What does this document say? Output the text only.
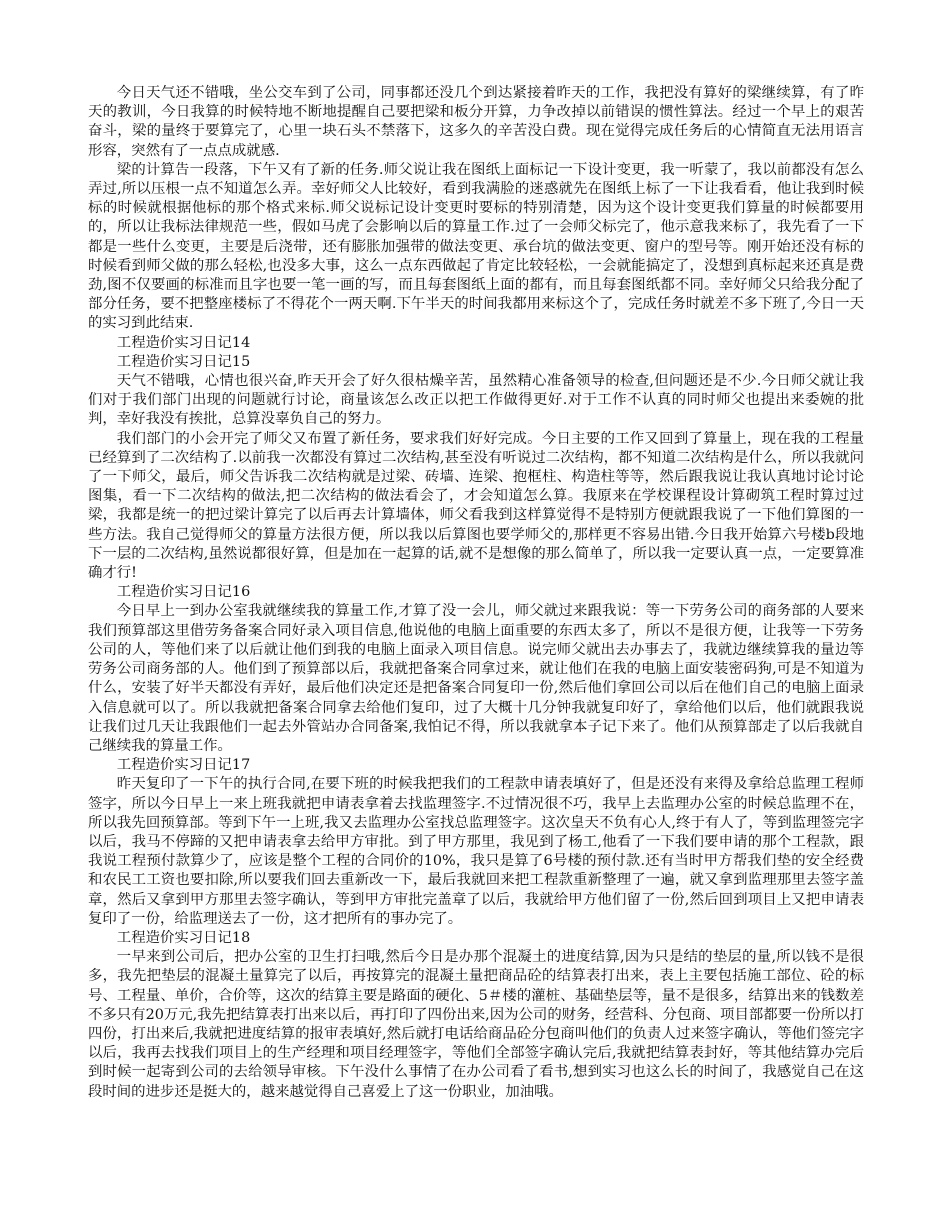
今日天气还不错哦，坐公交车到了公司，同事都还没几个到达紧接着昨天的工作，我把没有算好的梁继续算，有了昨天的教训，今日我算的时候特地不断地提醒自己要把梁和板分开算，力争改掉以前错误的惯性算法。经过一个早上的艰苦奋斗，梁的量终于要算完了，心里一块石头不禁落下，这多久的辛苦没白费。现在觉得完成任务后的心情简直无法用语言形容，突然有了一点点成就感.

梁的计算告一段落，下午又有了新的任务.师父说让我在图纸上面标记一下设计变更，我一听蒙了，我以前都没有怎么弄过,所以压根一点不知道怎么弄。幸好师父人比较好，看到我满脸的迷惑就先在图纸上标了一下让我看看，他让我到时候标的时候就根据他标的那个格式来标.师父说标记设计变更时要标的特别清楚，因为这个设计变更我们算量的时候都要用的，所以让我标法律规范一些，假如马虎了会影响以后的算量工作.过了一会师父标完了，他示意我来标了，我先看了一下都是一些什么变更，主要是后浇带，还有膨胀加强带的做法变更、承台坑的做法变更、窗户的型号等。刚开始还没有标的时候看到师父做的那么轻松,也没多大事，这么一点东西做起了肯定比较轻松，一会就能搞定了，没想到真标起来还真是费劲,图不仅要画的标准而且字也要一笔一画的写，而且每套图纸上面的都有，而且每套图纸都不同。幸好师父只给我分配了部分任务，要不把整座楼标了不得花个一两天啊.下午半天的时间我都用来标这个了，完成任务时就差不多下班了,今日一天的实习到此结束.

工程造价实习日记14
工程造价实习日记15

天气不错哦，心情也很兴奋,昨天开会了好久很枯燥辛苦，虽然精心准备领导的检查,但问题还是不少.今日师父就让我们对于我们部门出现的问题就行讨论，商量该怎么改正以把工作做得更好.对于工作不认真的同时师父也提出来委婉的批判，幸好我没有挨批，总算没辜负自己的努力。

我们部门的小会开完了师父又布置了新任务，要求我们好好完成。今日主要的工作又回到了算量上，现在我的工程量已经算到了二次结构了.以前我一次都没有算过二次结构,甚至没有听说过二次结构，都不知道二次结构是什么，所以我就问了一下师父，最后，师父告诉我二次结构就是过梁、砖墙、连梁、抱框柱、构造柱等等，然后跟我说让我认真地讨论讨论图集，看一下二次结构的做法,把二次结构的做法看会了，才会知道怎么算。我原来在学校课程设计算砌筑工程时算过过梁，我都是统一的把过梁计算完了以后再去计算墙体，师父看我到这样算觉得不是特别方便就跟我说了一下他们算图的一些方法。我自己觉得师父的算量方法很方便，所以我以后算图也要学师父的,那样更不容易出错.今日我开始算六号楼b段地下一层的二次结构,虽然说都很好算，但是加在一起算的话,就不是想像的那么简单了，所以我一定要认真一点，一定要算准确才行!

工程造价实习日记16

今日早上一到办公室我就继续我的算量工作,才算了没一会儿，师父就过来跟我说：等一下劳务公司的商务部的人要来我们预算部这里借劳务备案合同好录入项目信息,他说他的电脑上面重要的东西太多了，所以不是很方便，让我等一下劳务公司的人，等他们来了以后就让他们到我的电脑上面录入项目信息。说完师父就出去办事去了，我就边继续算我的量边等劳务公司商务部的人。他们到了预算部以后，我就把备案合同拿过来，就让他们在我的电脑上面安装密码狗,可是不知道为什么，安装了好半天都没有弄好，最后他们决定还是把备案合同复印一份,然后他们拿回公司以后在他们自己的电脑上面录入信息就可以了。所以我就把备案合同拿去给他们复印，过了大概十几分钟我就复印好了，拿给他们以后，他们就跟我说让我们过几天让我跟他们一起去外管站办合同备案,我怕记不得，所以我就拿本子记下来了。他们从预算部走了以后我就自己继续我的算量工作。

工程造价实习日记17

昨天复印了一下午的执行合同,在要下班的时候我把我们的工程款申请表填好了，但是还没有来得及拿给总监理工程师签字，所以今日早上一来上班我就把申请表拿着去找监理签字.不过情况很不巧，我早上去监理办公室的时候总监理不在，所以我先回预算部。等到下午一上班,我又去监理办公室找总监理签字。这次皇天不负有心人,终于有人了，等到监理签完字以后，我马不停蹄的又把申请表拿去给甲方审批。到了甲方那里，我见到了杨工,他看了一下我们要申请的那个工程款，跟我说工程预付款算少了，应该是整个工程的合同价的10%，我只是算了6号楼的预付款.还有当时甲方帮我们垫的安全经费和农民工工资也要扣除,所以要我们回去重新改一下，最后我就回来把工程款重新整理了一遍，就又拿到监理那里去签字盖章，然后又拿到甲方那里去签字确认，等到甲方审批完盖章了以后，我就给甲方他们留了一份,然后回到项目上又把申请表复印了一份，给监理送去了一份，这才把所有的事办完了。

工程造价实习日记18

一早来到公司后，把办公室的卫生打扫哦,然后今日是办那个混凝土的进度结算,因为只是结的垫层的量,所以钱不是很多，我先把垫层的混凝土量算完了以后，再按算完的混凝土量把商品砼的结算表打出来，表上主要包括施工部位、砼的标号、工程量、单价，合价等，这次的结算主要是路面的硬化、5＃楼的灌桩、基础垫层等，量不是很多，结算出来的钱数差不多只有20万元,我先把结算表打出来以后，再打印了四份出来,因为公司的财务，经营科、分包商、项目部都要一份所以打四份，打出来后,我就把进度结算的报审表填好,然后就打电话给商品砼分包商叫他们的负责人过来签字确认，等他们签完字以后，我再去找我们项目上的生产经理和项目经理签字，等他们全部签字确认完后,我就把结算表封好，等其他结算办完后到时候一起寄到公司的去给领导审核。下午没什么事情了在办公司看了看书,想到实习也这么长的时间了，我感觉自己在这段时间的进步还是挺大的，越来越觉得自己喜爱上了这一份职业，加油哦。
